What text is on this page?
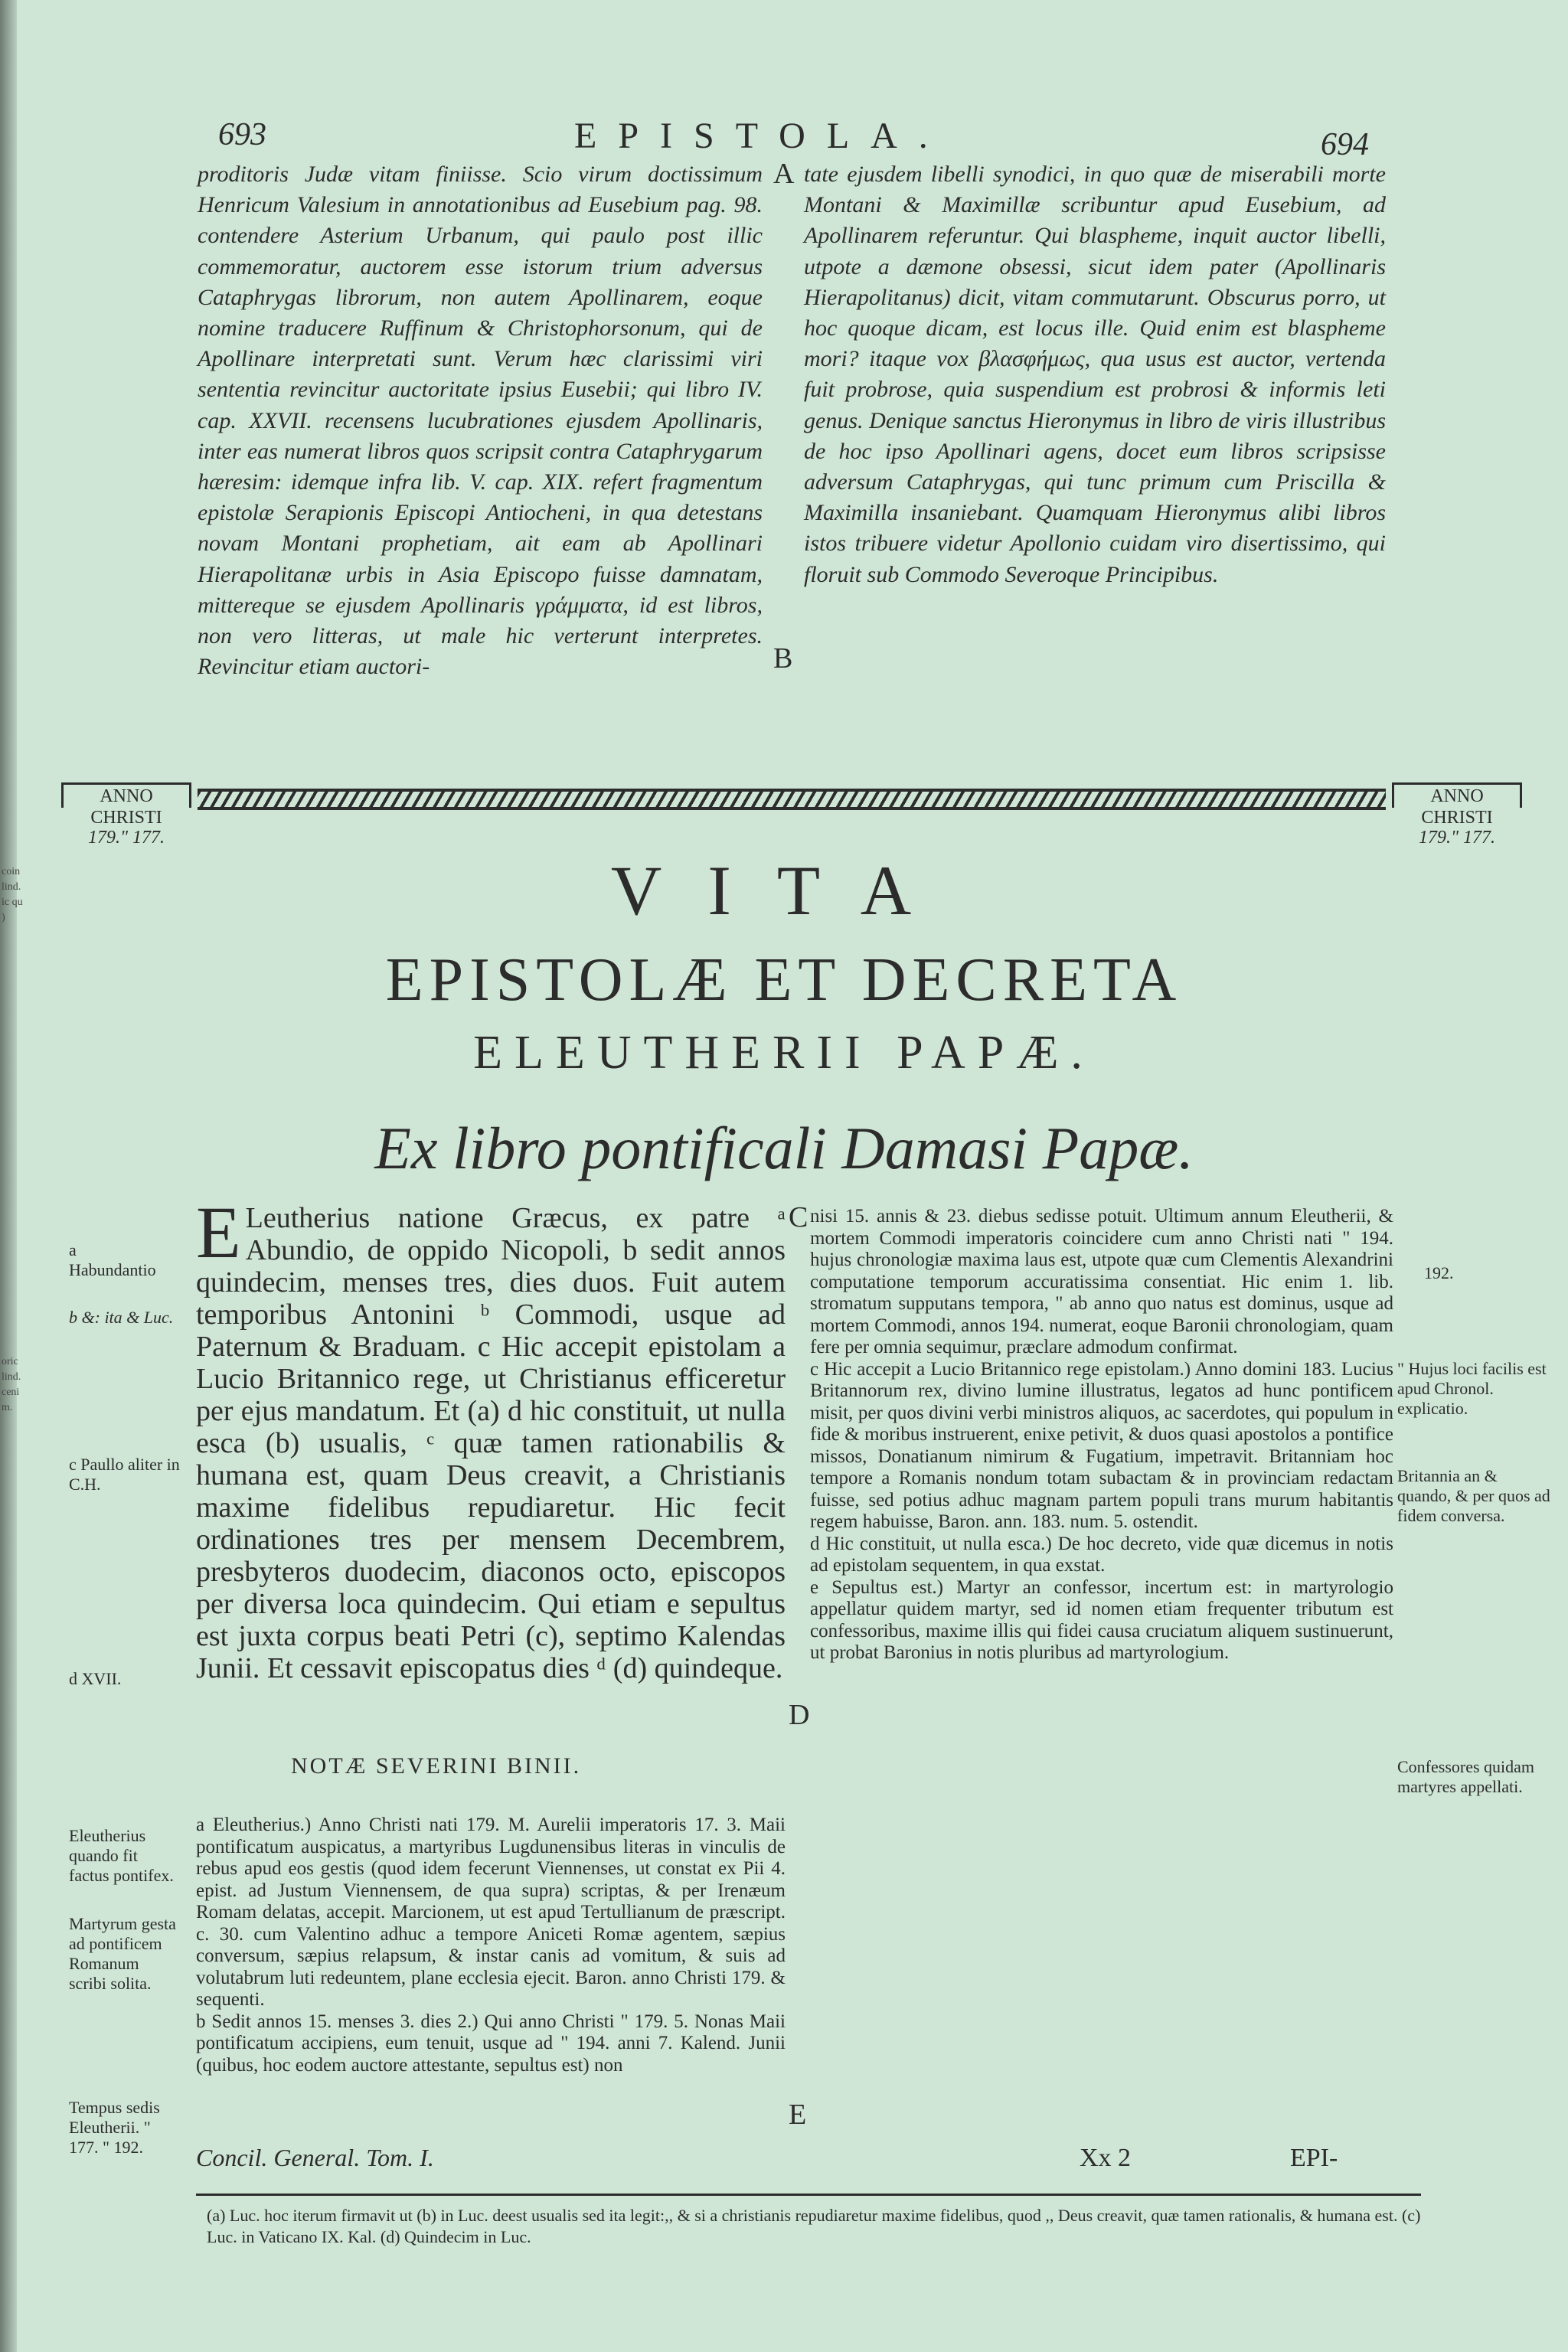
coin
lind.
ic qu
)
oric
lind.
ceni
m.
693	EPISTOLA.	694
proditoris Judæ vitam finiisse. Scio virum doctissimum Henricum Valesium in annotationibus ad Eusebium pag. 98. contendere Asterium Urbanum, qui paulo post illic commemoratur, auctorem esse istorum trium adversus Cataphrygas librorum, non autem Apollinarem, eoque nomine traducere Ruffinum & Christophorsonum, qui de Apollinare interpretati sunt. Verum hæc clarissimi viri sententia revincitur auctoritate ipsius Eusebii; qui libro IV. cap. XXVII. recensens lucubrationes ejusdem Apollinaris, inter eas numerat libros quos scripsit contra Cataphrygarum hæresim: idemque infra lib. V. cap. XIX. refert fragmentum epistolæ Serapionis Episcopi Antiocheni, in qua detestans novam Montani prophetiam, ait eam ab Apollinari Hierapolitanæ urbis in Asia Episcopo fuisse damnatam, mittereque se ejusdem Apollinaris γράμματα, id est libros, non vero litteras, ut male hic verterunt interpretes. Revincitur etiam auctori-
tate ejusdem libelli synodici, in quo quæ de miserabili morte Montani & Maximillæ scribuntur apud Eusebium, ad Apollinarem referuntur. Qui blaspheme, inquit auctor libelli, utpote a dæmone obsessi, sicut idem pater (Apollinaris Hierapolitanus) dicit, vitam commutarunt. Obscurus porro, ut hoc quoque dicam, est locus ille. Quid enim est blaspheme mori? itaque vox βλασφήμως, qua usus est auctor, vertenda fuit probrose, quia suspendium est probrosi & informis leti genus. Denique sanctus Hieronymus in libro de viris illustribus de hoc ipso Apollinari agens, docet eum libros scripsisse adversum Cataphrygas, qui tunc primum cum Priscilla & Maximilla insaniebant. Quamquam Hieronymus alibi libros istos tribuere videtur Apollonio cuidam viro disertissimo, qui floruit sub Commodo Severoque Principibus.
A
B
ANNO
CHRISTI
179." 177.
ANNO
CHRISTI
179." 177.
VITA
EPISTOLÆ ET DECRETA
ELEUTHERII PAPÆ.
Ex libro pontificali Damasi Papæ.
E Leutherius natione Græcus, ex patre ᵃ Abundio, de oppido Nicopoli, b sedit annos quindecim, menses tres, dies duos. Fuit autem temporibus Antonini ᵇ Commodi, usque ad Paternum & Braduam. c Hic accepit epistolam a Lucio Britannico rege, ut Christianus efficeretur per ejus mandatum. Et (a) d hic constituit, ut nulla esca (b) usualis, ᶜ quæ tamen rationabilis & humana est, quam Deus creavit, a Christianis maxime fidelibus repudiaretur. Hic fecit ordinationes tres per mensem Decembrem, presbyteros duodecim, diaconos octo, episcopos per diversa loca quindecim. Qui etiam e sepultus est juxta corpus beati Petri (c), septimo Kalendas Junii. Et cessavit episcopatus dies ᵈ (d) quindeque.
C
D
E
a Habundantio
b &: ita & Luc.
c Paullo aliter in C.H.
d XVII.
Eleutherius quando fit factus pontifex.
Martyrum gesta ad pontificem Romanum scribi solita.
Tempus sedis Eleutherii. " 177. " 192.
192.
" Hujus loci facilis est apud Chronol. explicatio.
Britannia an & quando, & per quos ad fidem conversa.
Confessores quidam martyres appellati.
NOTÆ SEVERINI BINII.
a Eleutherius.) Anno Christi nati 179. M. Aurelii imperatoris 17. 3. Maii pontificatum auspicatus, a martyribus Lugdunensibus literas in vinculis de rebus apud eos gestis (quod idem fecerunt Viennenses, ut constat ex Pii 4. epist. ad Justum Viennensem, de qua supra) scriptas, & per Irenæum Romam delatas, accepit. Marcionem, ut est apud Tertullianum de præscript. c. 30. cum Valentino adhuc a tempore Aniceti Romæ agentem, sæpius conversum, sæpius relapsum, & instar canis ad vomitum, & suis ad volutabrum luti redeuntem, plane ecclesia ejecit. Baron. anno Christi 179. & sequenti.
b Sedit annos 15. menses 3. dies 2.) Qui anno Christi " 179. 5. Nonas Maii pontificatum accipiens, eum tenuit, usque ad " 194. anni 7. Kalend. Junii (quibus, hoc eodem auctore attestante, sepultus est) non
nisi 15. annis & 23. diebus sedisse potuit. Ultimum annum Eleutherii, & mortem Commodi imperatoris coincidere cum anno Christi nati " 194. hujus chronologiæ maxima laus est, utpote quæ cum Clementis Alexandrini computatione temporum accuratissima consentiat. Hic enim 1. lib. stromatum supputans tempora, " ab anno quo natus est dominus, usque ad mortem Commodi, annos 194. numerat, eoque Baronii chronologiam, quam fere per omnia sequimur, præclare admodum confirmat.
c Hic accepit a Lucio Britannico rege epistolam.) Anno domini 183. Lucius Britannorum rex, divino lumine illustratus, legatos ad hunc pontificem misit, per quos divini verbi ministros aliquos, ac sacerdotes, qui populum in fide & moribus instruerent, enixe petivit, & duos quasi apostolos a pontifice missos, Donatianum nimirum & Fugatium, impetravit. Britanniam hoc tempore a Romanis nondum totam subactam & in provinciam redactam fuisse, sed potius adhuc magnam partem populi trans murum habitantis regem habuisse, Baron. ann. 183. num. 5. ostendit.
d Hic constituit, ut nulla esca.) De hoc decreto, vide quæ dicemus in notis ad epistolam sequentem, in qua exstat.
e Sepultus est.) Martyr an confessor, incertum est: in martyrologio appellatur quidem martyr, sed id nomen etiam frequenter tributum est confessoribus, maxime illis qui fidei causa cruciatum aliquem sustinuerunt, ut probat Baronius in notis pluribus ad martyrologium.
Concil. General. Tom. I.	Xx 2	EPI-
(a) Luc. hoc iterum firmavit ut (b) in Luc. deest usualis sed ita legit:,, & si a christianis repudiaretur maxime fidelibus, quod ,, Deus creavit, quæ tamen rationalis, & humana est. (c) Luc. in Vaticano IX. Kal. (d) Quindecim in Luc.
